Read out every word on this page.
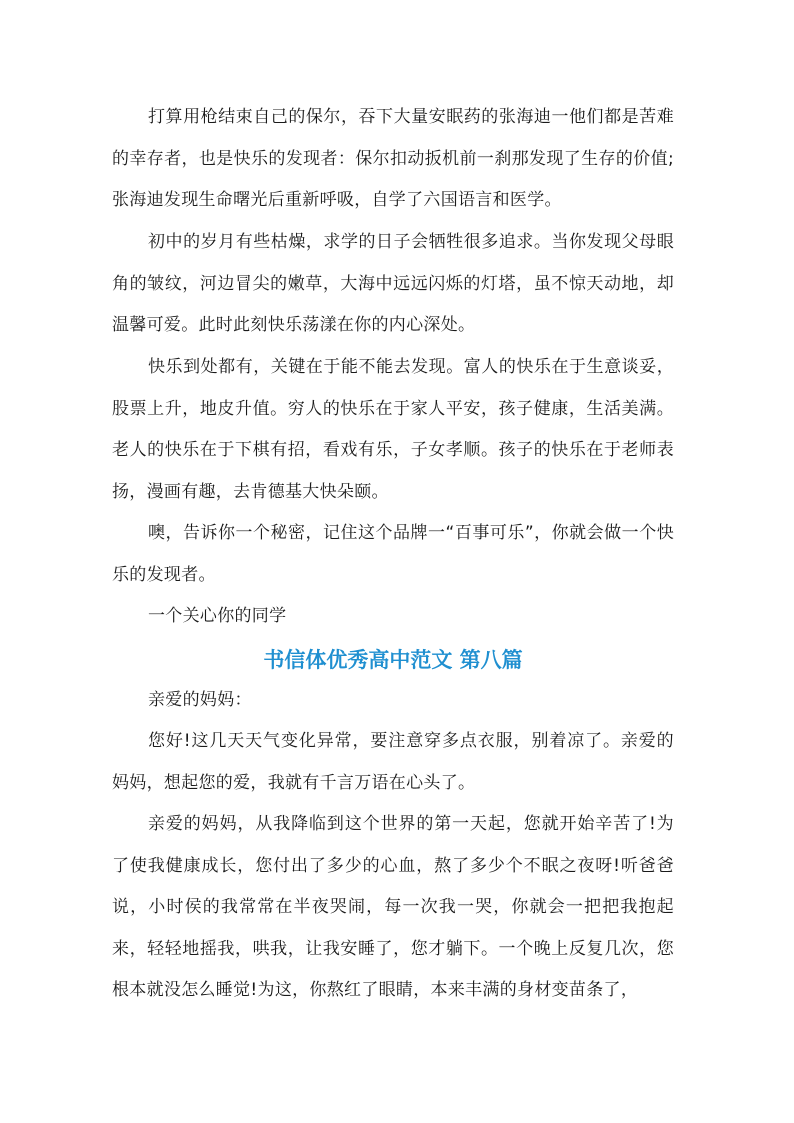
打算用枪结束自己的保尔，吞下大量安眠药的张海迪一他们都是苦难的幸存者，也是快乐的发现者：保尔扣动扳机前一刹那发现了生存的价值;张海迪发现生命曙光后重新呼吸，自学了六国语言和医学。

初中的岁月有些枯燥，求学的日子会牺牲很多追求。当你发现父母眼角的皱纹，河边冒尖的嫩草，大海中远远闪烁的灯塔，虽不惊天动地，却温馨可爱。此时此刻快乐荡漾在你的内心深处。

快乐到处都有，关键在于能不能去发现。富人的快乐在于生意谈妥，股票上升，地皮升值。穷人的快乐在于家人平安，孩子健康，生活美满。老人的快乐在于下棋有招，看戏有乐，子女孝顺。孩子的快乐在于老师表扬，漫画有趣，去肯德基大快朵颐。

噢，告诉你一个秘密，记住这个品牌一“百事可乐”，你就会做一个快乐的发现者。

一个关心你的同学

书信体优秀高中范文 第八篇

亲爱的妈妈：

您好!这几天天气变化异常，要注意穿多点衣服，别着凉了。亲爱的妈妈，想起您的爱，我就有千言万语在心头了。

亲爱的妈妈，从我降临到这个世界的第一天起，您就开始辛苦了!为了使我健康成长，您付出了多少的心血，熬了多少个不眠之夜呀!听爸爸说，小时侯的我常常在半夜哭闹，每一次我一哭，你就会一把把我抱起来，轻轻地摇我，哄我，让我安睡了，您才躺下。一个晚上反复几次，您根本就没怎么睡觉!为这，你熬红了眼睛，本来丰满的身材变苗条了，
